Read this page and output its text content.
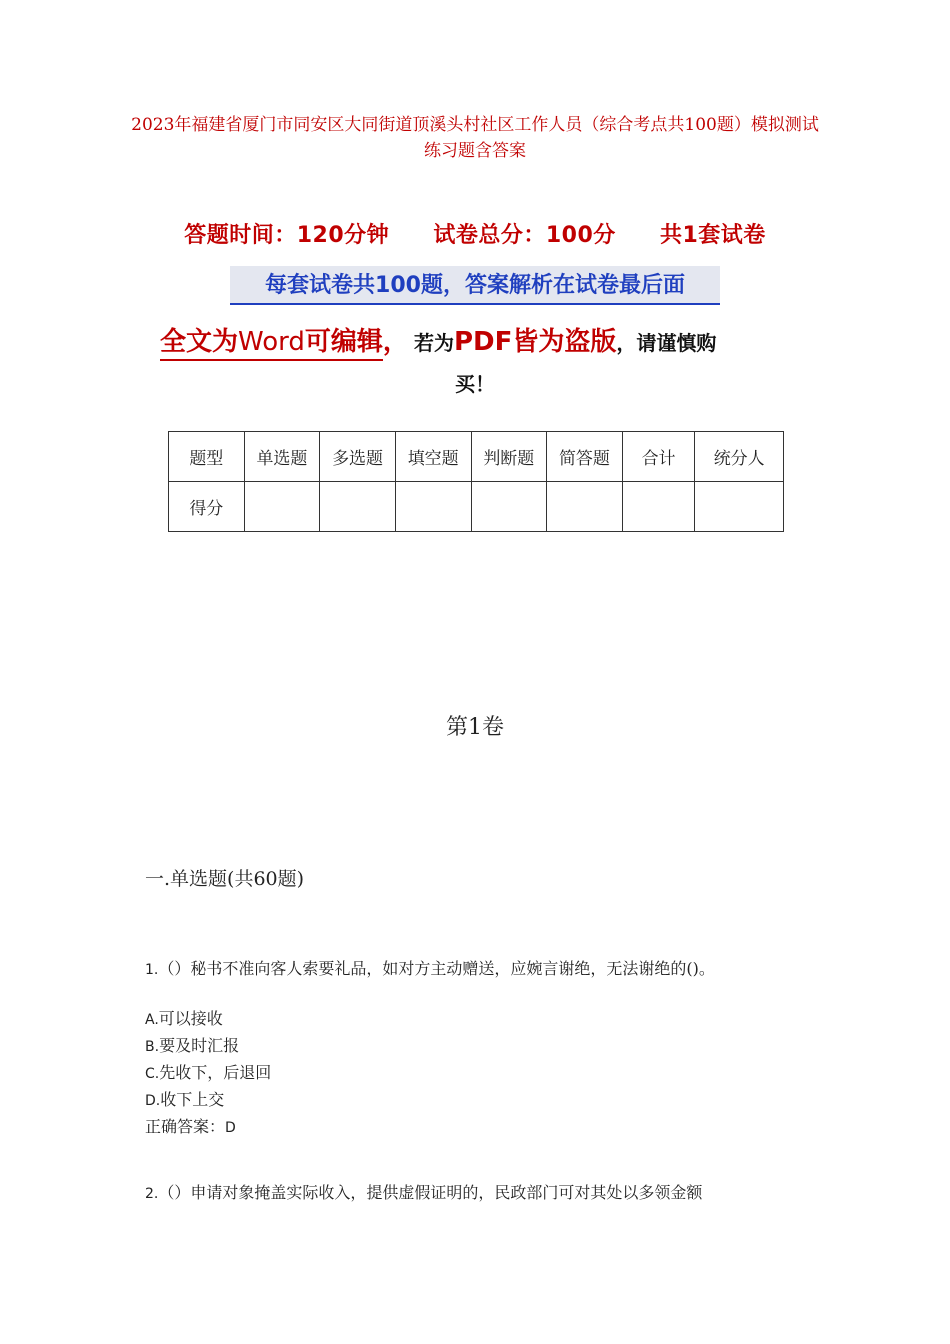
2023年福建省厦门市同安区大同街道顶溪头村社区工作人员（综合考点共100题）模拟测试练习题含答案
答题时间：120分钟 试卷总分：100分 共1套试卷
每套试卷共100题，答案解析在试卷最后面
全文为Word可编辑， 若为PDF皆为盗版，请谨慎购
买！
题型	单选题	多选题	填空题	判断题	简答题	合计	统分人
得分							
第1卷
一.单选题(共60题)
1.（）秘书不准向客人索要礼品，如对方主动赠送，应婉言谢绝，无法谢绝的()。
A.可以接收
B.要及时汇报
C.先收下，后退回
D.收下上交
正确答案：D
2.（）申请对象掩盖实际收入，提供虚假证明的，民政部门可对其处以多领金额
